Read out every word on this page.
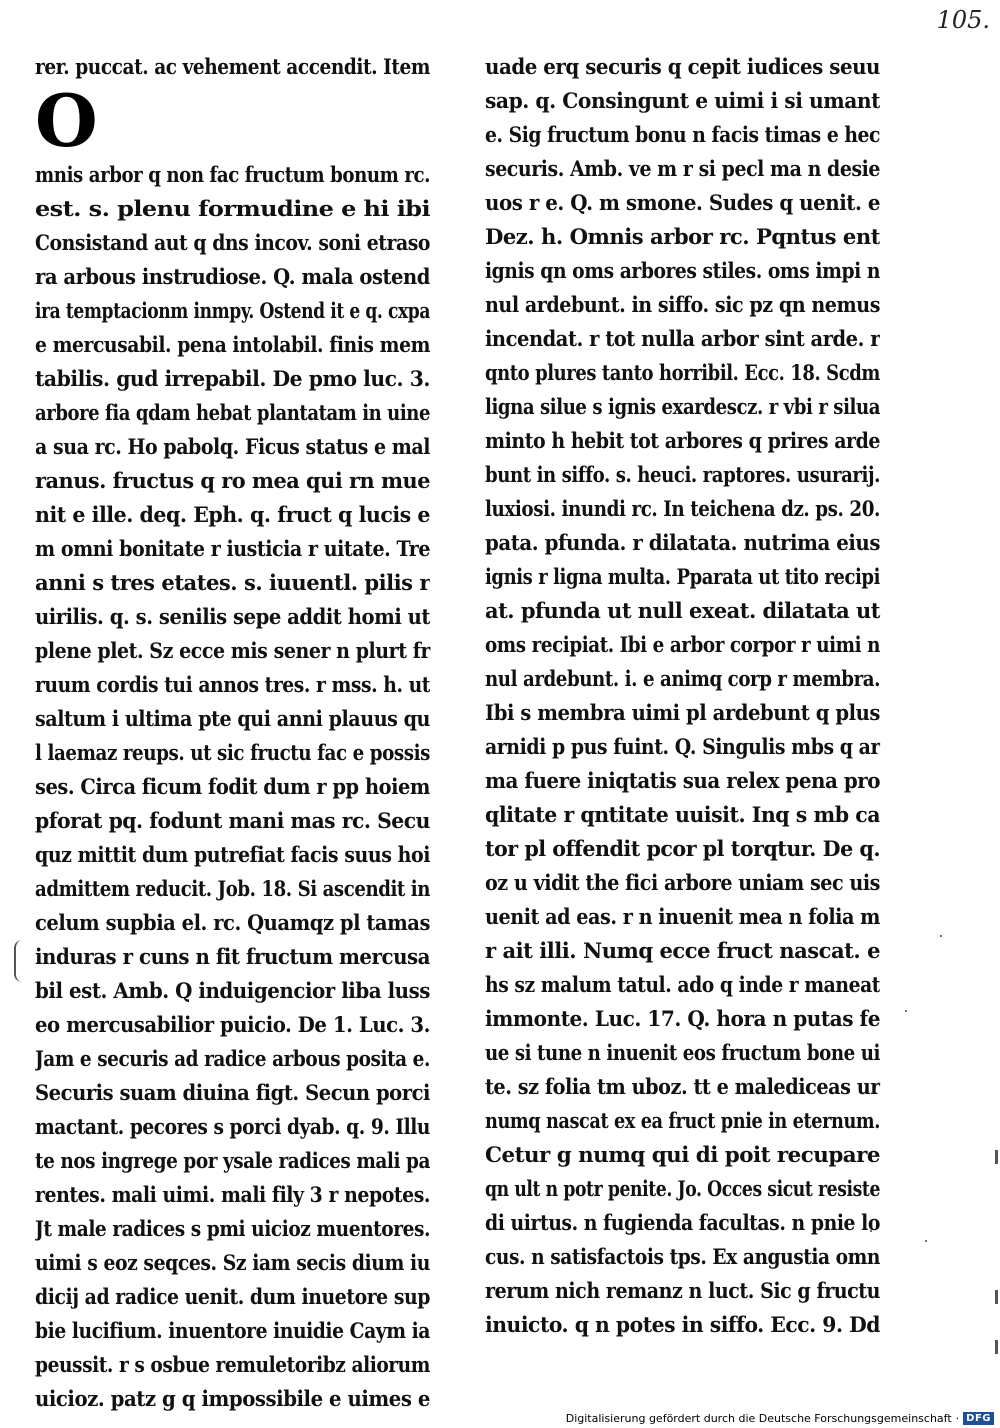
105.
rer. puccat. ac vehement accendit. Item
O
mnis arbor q non fac fructum bonum rc.
est. s. plenu formudine e hi ibi
Consistand aut q dns incov. soni etraso
ra arbous instrudiose. Q. mala ostend
ira temptacionm inmpy. Ostend it e q. cxpa
e mercusabil. pena intolabil. finis mem
tabilis. gud irrepabil. De pmo luc. 3.
arbore fia qdam hebat plantatam in uine
a sua rc. Ho pabolq. Ficus status e mal
ranus. fructus q ro mea qui rn mue
nit e ille. deq. Eph. q. fruct q lucis e
m omni bonitate r iusticia r uitate. Tre
anni s tres etates. s. iuuentl. pilis r
uirilis. q. s. senilis sepe addit homi ut
plene plet. Sz ecce mis sener n plurt fr
ruum cordis tui annos tres. r mss. h. ut
saltum i ultima pte qui anni plauus qu
l laemaz reups. ut sic fructu fac e possis
ses. Circa ficum fodit dum r pp hoiem
pforat pq. fodunt mani mas rc. Secu
quz mittit dum putrefiat facis suus hoi
admittem reducit. Job. 18. Si ascendit in
celum supbia el. rc. Quamqz pl tamas
induras r cuns n fit fructum mercusa
bil est. Amb. Q induigencior liba luss
eo mercusabilior puicio. De 1. Luc. 3.
Jam e securis ad radice arbous posita e.
Securis suam diuina figt. Secun porci
mactant. pecores s porci dyab. q. 9. Illu
te nos ingrege por ysale radices mali pa
rentes. mali uimi. mali fily 3 r nepotes.
Jt male radices s pmi uicioz muentores.
uimi s eoz seqces. Sz iam secis dium iu
dicij ad radice uenit. dum inuetore sup
bie lucifium. inuentore inuidie Caym ia
peussit. r s osbue remuletoribz aliorum
uicioz. patz g q impossibile e uimes e
uade erq securis q cepit iudices seuu
sap. q. Consingunt e uimi i si umant
e. Sig fructum bonu n facis timas e hec
securis. Amb. ve m r si pecl ma n desie
uos r e. Q. m smone. Sudes q uenit. e
Dez. h. Omnis arbor rc. Pqntus ent
ignis qn oms arbores stiles. oms impi n
nul ardebunt. in siffo. sic pz qn nemus
incendat. r tot nulla arbor sint arde. r
qnto plures tanto horribil. Ecc. 18. Scdm
ligna silue s ignis exardescz. r vbi r silua
minto h hebit tot arbores q prires arde
bunt in siffo. s. heuci. raptores. usurarij.
luxiosi. inundi rc. In teichena dz. ps. 20.
pata. pfunda. r dilatata. nutrima eius
ignis r ligna multa. Pparata ut tito recipi
at. pfunda ut null exeat. dilatata ut
oms recipiat. Ibi e arbor corpor r uimi n
nul ardebunt. i. e animq corp r membra.
Ibi s membra uimi pl ardebunt q plus
arnidi p pus fuint. Q. Singulis mbs q ar
ma fuere iniqtatis sua relex pena pro
qlitate r qntitate uuisit. Inq s mb ca
tor pl offendit pcor pl torqtur. De q.
oz u vidit the fici arbore uniam sec uis
uenit ad eas. r n inuenit mea n folia m
r ait illi. Numq ecce fruct nascat. e
hs sz malum tatul. ado q inde r maneat
immonte. Luc. 17. Q. hora n putas fe
ue si tune n inuenit eos fructum bone ui
te. sz folia tm uboz. tt e malediceas ur
numq nascat ex ea fruct pnie in eternum.
Cetur g numq qui di poit recupare
qn ult n potr penite. Jo. Occes sicut resiste
di uirtus. n fugienda facultas. n pnie lo
cus. n satisfactois tps. Ex angustia omn
rerum nich remanz n luct. Sic g fructu
inuicto. q n potes in siffo. Ecc. 9. Dd
Digitalisierung gefördert durch die Deutsche Forschungsgemeinschaft · DFG
